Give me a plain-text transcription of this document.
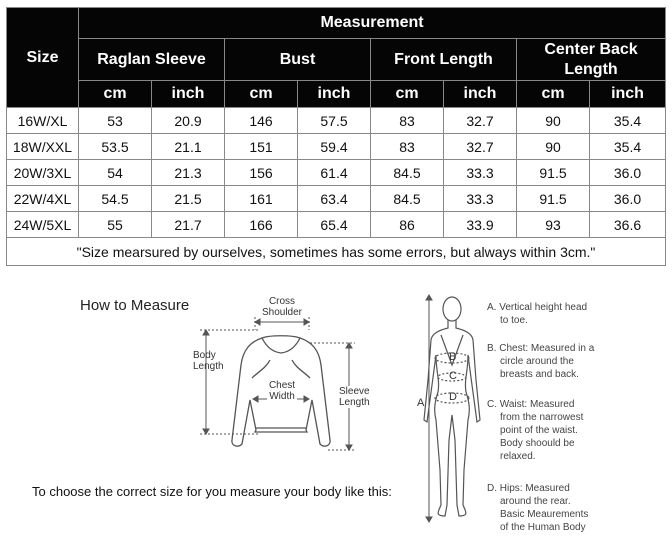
Size	Measurement							
	Raglan Sleeve		Bust		Front Length		Center Back Length	
	cm	inch	cm	inch	cm	inch	cm	inch
16W/XL	53	20.9	146	57.5	83	32.7	90	35.4
18W/XXL	53.5	21.1	151	59.4	83	32.7	90	35.4
20W/3XL	54	21.3	156	61.4	84.5	33.3	91.5	36.0
22W/4XL	54.5	21.5	161	63.4	84.5	33.3	91.5	36.0
24W/5XL	55	21.7	166	65.4	86	33.9	93	36.6
"Size mearsured by ourselves, sometimes has some errors, but always within 3cm."								
How to Measure	Cross
Shoulder
Body
Length
Chest
Width	Sleeve
Length	A
B
C
D
A. Vertical height head
to toe.
B. Chest: Measured in a
circle around the
breasts and back.
C. Waist: Measured
from the narrowest
point of the waist.
Body shoould be
relaxed.
D. Hips: Measured
around the rear.
Basic Meaurements
of the Human Body
To choose the correct size for you measure your body like this:
